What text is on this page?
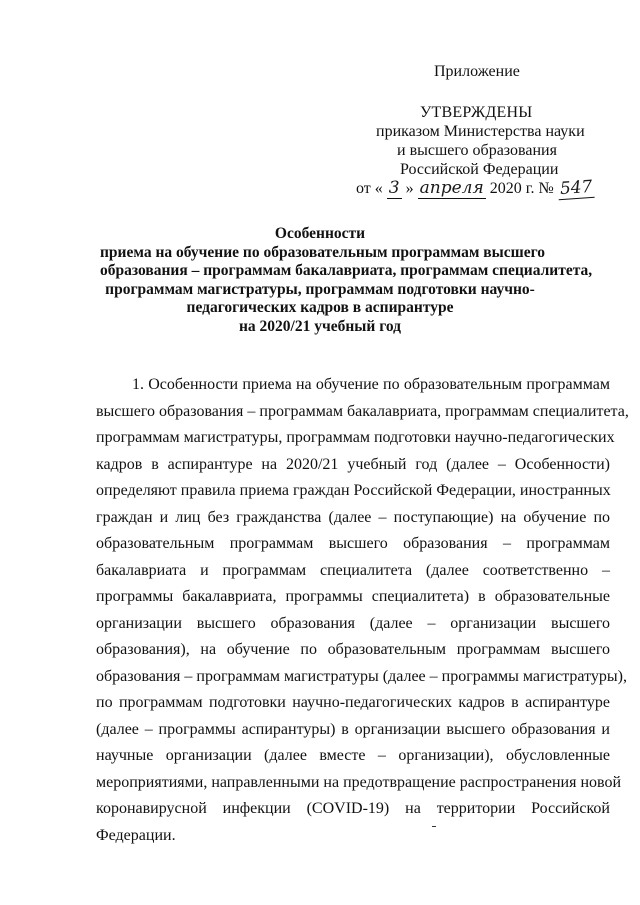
Приложение
УТВЕРЖДЕНЫ
приказом Министерства науки
и высшего образования
Российской Федерации
от « 3 » апреля 2020 г. № 547
Особенности
приема на обучение по образовательным программам высшего
образования – программам бакалавриата, программам специалитета,
программам магистратуры, программам подготовки научно-
педагогических кадров в аспирантуре
на 2020/21 учебный год
1. Особенности приема на обучение по образовательным программам
высшего образования – программам бакалавриата, программам специалитета,
программам магистратуры, программам подготовки научно-педагогических
кадров в аспирантуре на 2020/21 учебный год (далее – Особенности)
определяют правила приема граждан Российской Федерации, иностранных
граждан и лиц без гражданства (далее – поступающие) на обучение по
образовательным программам высшего образования – программам
бакалавриата и программам специалитета (далее соответственно –
программы бакалавриата, программы специалитета) в образовательные
организации высшего образования (далее – организации высшего
образования), на обучение по образовательным программам высшего
образования – программам магистратуры (далее – программы магистратуры),
по программам подготовки научно-педагогических кадров в аспирантуре
(далее – программы аспирантуры) в организации высшего образования и
научные организации (далее вместе – организации), обусловленные
мероприятиями, направленными на предотвращение распространения новой
коронавирусной инфекции (COVID-19) на территории Российской
Федерации.
